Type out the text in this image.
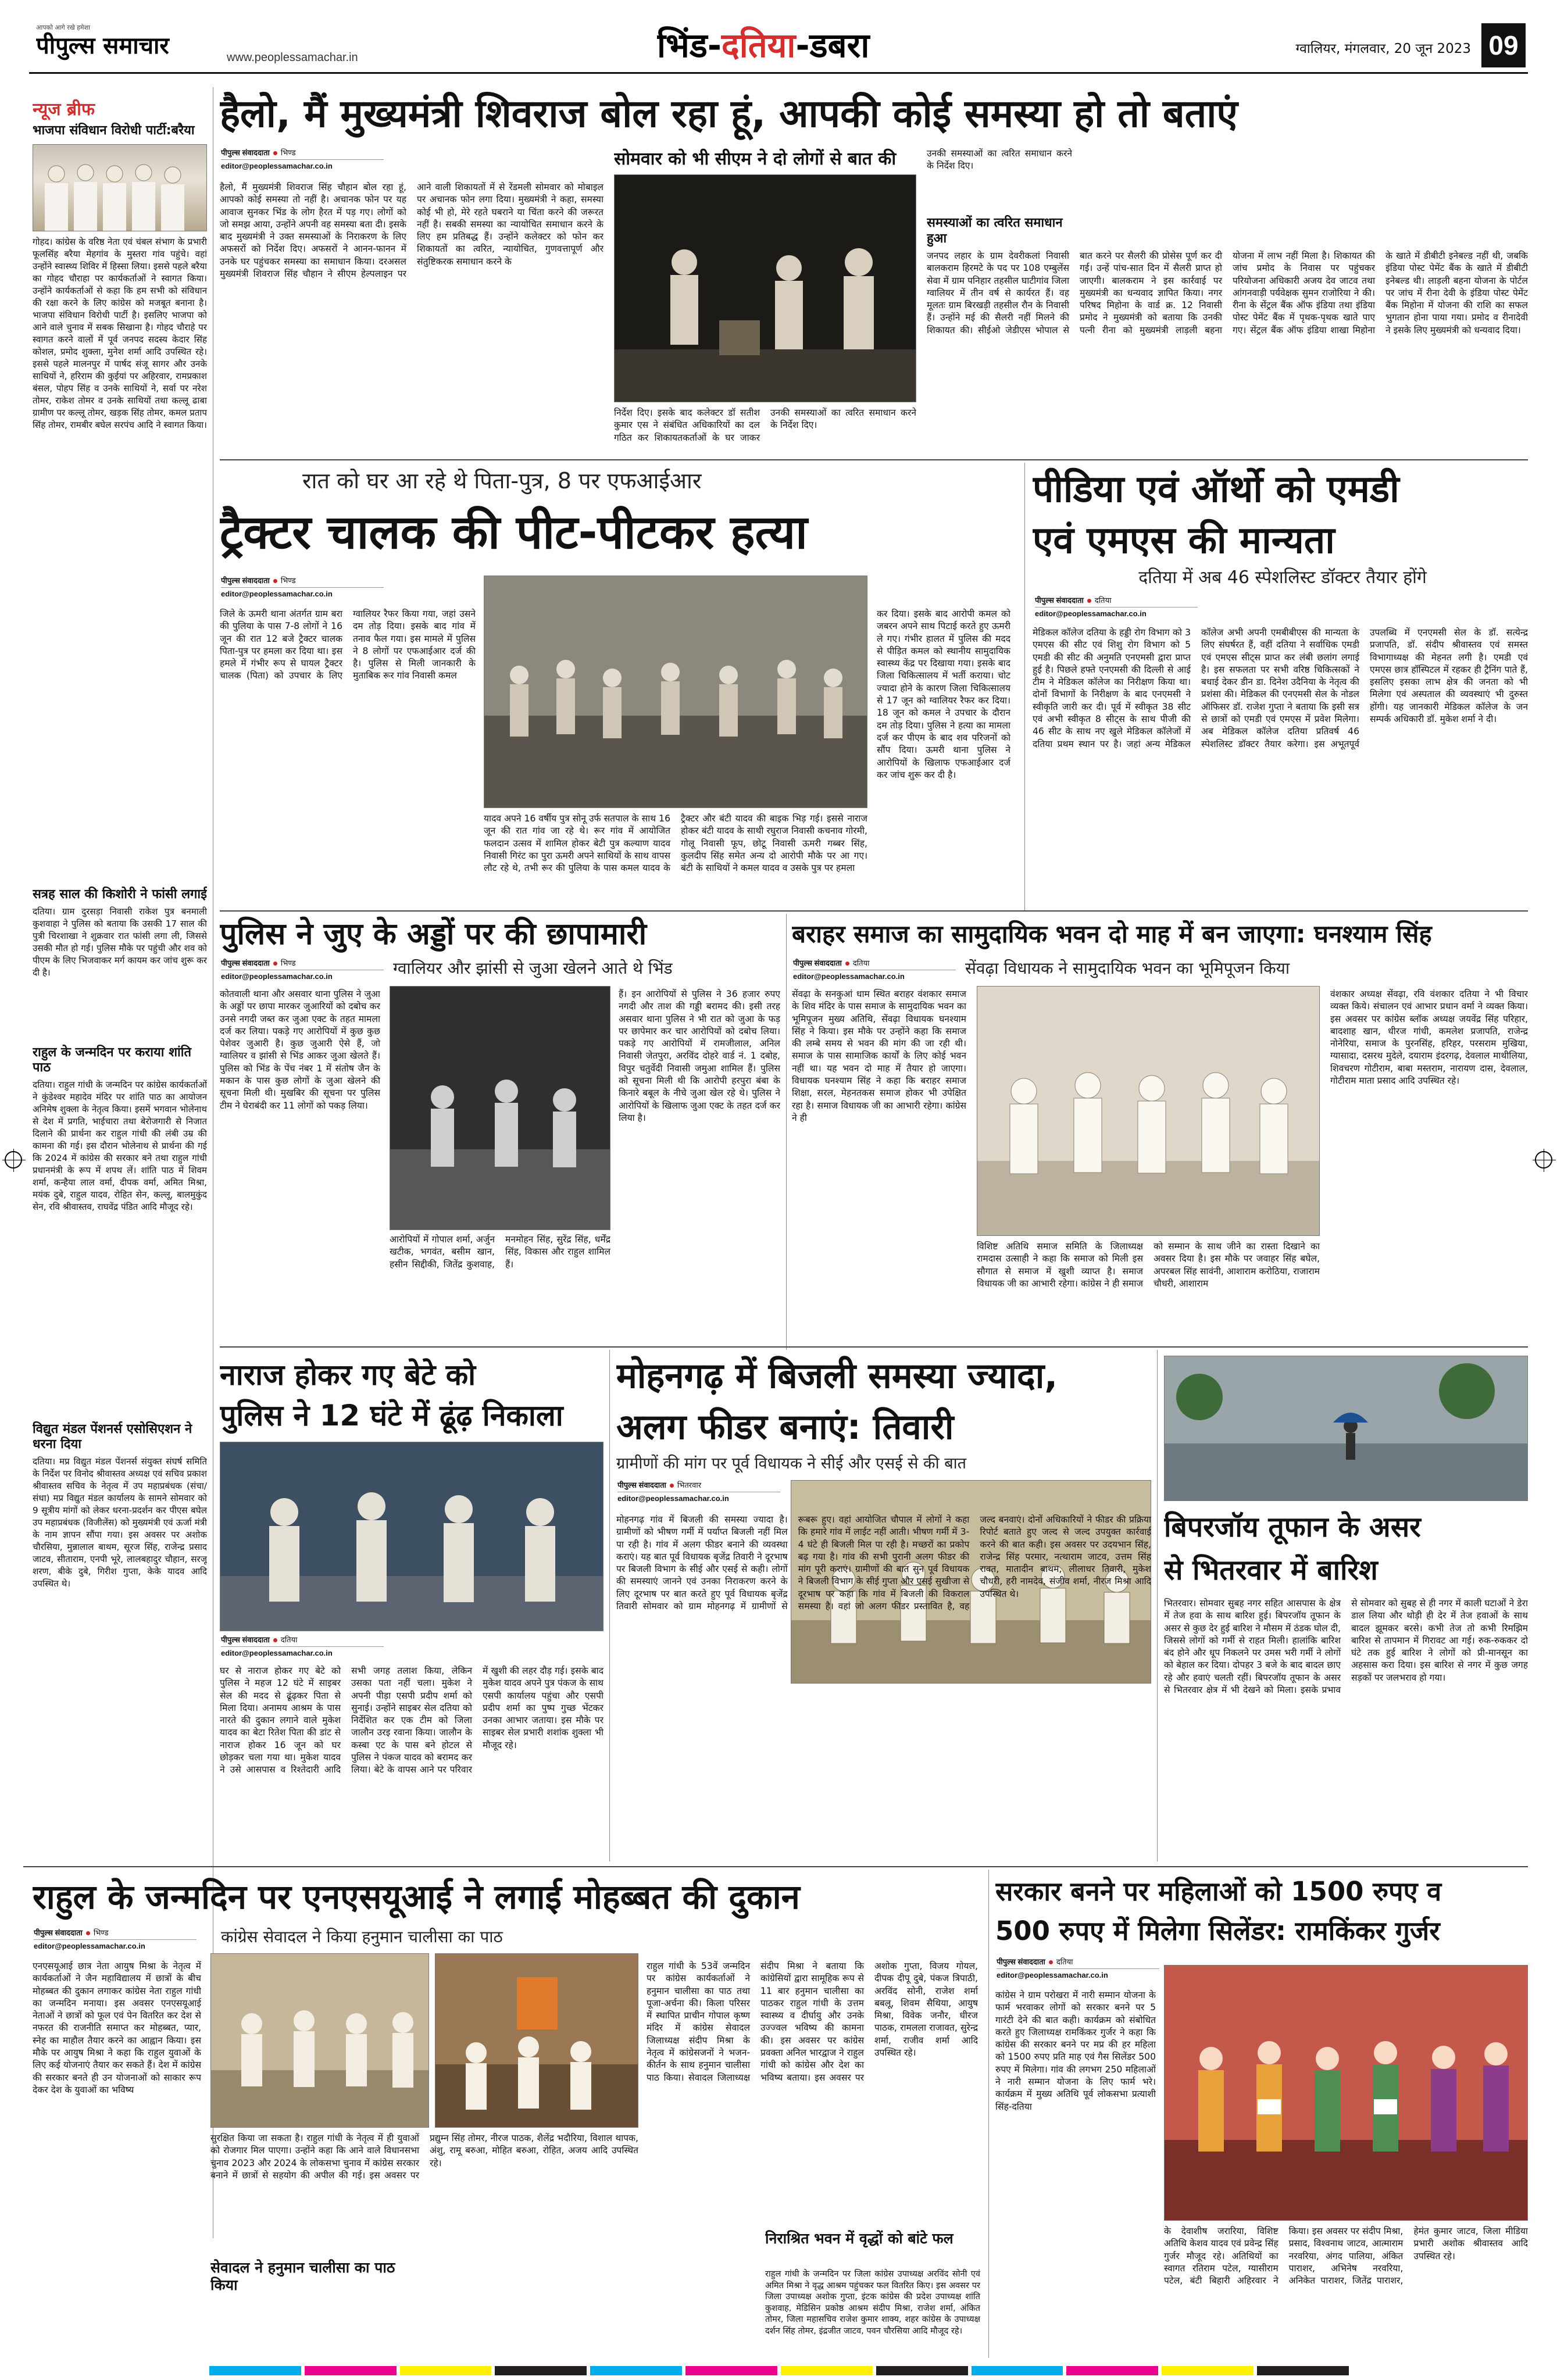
आपको आगे रखे हमेशा
पीपुल्स समाचार	www.peoplessamachar.in	भिंड-दतिया-डबरा	ग्वालियर, मंगलवार, 20 जून 2023 09
न्यूज ब्रीफ
भाजपा संविधान विरोधी पार्टी:बरैया
गोहद। कांग्रेस के वरिष्ठ नेता एवं चंबल संभाग के प्रभारी फूलसिंह बरैया मेहगांव के मुस्तरा गांव पहुंचे। वहां उन्होंने स्वास्थ्य शिविर में हिस्सा लिया। इससे पहले बरैया का गोहद चौराहा पर कार्यकर्ताओं ने स्वागत किया। उन्होंने कार्यकर्ताओं से कहा कि हम सभी को संविधान की रक्षा करने के लिए कांग्रेस को मजबूत बनाना है। भाजपा संविधान विरोधी पार्टी है। इसलिए भाजपा को आने वाले चुनाव में सबक सिखाना है। गोहद चौराहे पर स्वागत करने वालों में पूर्व जनपद सदस्य केदार सिंह कोशल, प्रमोद शुक्ला, मुनेश शर्मा आदि उपस्थित रहे। इससे पहले मालनपुर में पार्षद संजू सागर और उनके साथियों ने, हरिराम की कुईयां पर अहिरवार, रामप्रकाश बंसल, पोहप सिंह व उनके साथियों ने, सर्वा पर नरेश तोमर, राकेश तोमर व उनके साथियों तथा कल्लू ढाबा ग्रामीण पर कल्लू तोमर, खड़क सिंह तोमर, कमल प्रताप सिंह तोमर, रामबीर बघेल सरपंच आदि ने स्वागत किया।
सत्रह साल की किशोरी ने फांसी लगाई
दतिया। ग्राम दुरसड़ा निवासी राकेश पुत्र बनमाली कुशवाहा ने पुलिस को बताया कि उसकी 17 साल की पुत्री चिरशाखा ने शुक्रवार रात फांसी लगा ली, जिससे उसकी मौत हो गई। पुलिस मौके पर पहुंची और शव को पीएम के लिए भिजवाकर मर्ग कायम कर जांच शुरू कर दी है।
राहुल के जन्मदिन पर कराया शांति पाठ
दतिया। राहुल गांधी के जन्मदिन पर कांग्रेस कार्यकर्ताओं ने कुंडेश्वर महादेव मंदिर पर शांति पाठ का आयोजन अनिमेष शुक्ला के नेतृत्व किया। इसमें भगवान भोलेनाथ से देश में प्रगति, भाईचारा तथा बेरोजगारी से निजात दिलाने की प्रार्थना कर राहुल गांधी की लंबी उम्र की कामना की गई। इस दौरान भोलेनाथ से प्रार्थना की गई कि 2024 में कांग्रेस की सरकार बने तथा राहुल गांधी प्रधानमंत्री के रूप में शपथ लें। शांति पाठ में शिवम शर्मा, कन्हैया लाल वर्मा, दीपक वर्मा, अमित मिश्रा, मयंक दुबे, राहुल यादव, रोहित सेन, कल्लू, बालमुकुंद सेन, रवि श्रीवास्तव, राघवेंद्र पंडित आदि मौजूद रहे।
विद्युत मंडल पेंशनर्स एसोसिएशन ने धरना दिया
दतिया। मप्र विद्युत मंडल पेंशनर्स संयुक्त संघर्ष समिति के निर्देश पर विनोद श्रीवास्तव अध्यक्ष एवं सचिव प्रकाश श्रीवास्तव सचिव के नेतृत्व में उप महाप्रबंधक (संचा/संधा) मप्र विद्युत मंडल कार्यालय के सामने सोमवार को 9 सूत्रीय मांगों को लेकर धरना-प्रदर्शन कर पीएस बघेल उप महाप्रबंधक (विजीलेंस) को मुख्यमंत्री एवं ऊर्जा मंत्री के नाम ज्ञापन सौंपा गया। इस अवसर पर अशोक चौरसिया, मुन्नालाल बाथम, सूरज सिंह, राजेन्द्र प्रसाद जाटव, सीताराम, एनपी भूरे, लालबहादुर चौहान, सरजू शरण, बीके दुबे, गिरीश गुप्ता, केके यादव आदि उपस्थित थे।
हैलो, मैं मुख्यमंत्री शिवराज बोल रहा हूं, आपकी कोई समस्या हो तो बताएं
पीपुल्स संवाददाता भिण्ड
editor@peoplessamachar.co.in
हैलो, मैं मुख्यमंत्री शिवराज सिंह चौहान बोल रहा हूं, आपको कोई समस्या तो नहीं है। अचानक फोन पर यह आवाज सुनकर भिंड के लोग हैरत में पड़ गए। लोगों को जो समझ आया, उन्होंने अपनी वह समस्या बता दी। इसके बाद मुख्यमंत्री ने उक्त समस्याओं के निराकरण के लिए अफसरों को निर्देश दिए। अफसरों ने आनन-फानन में उनके घर पहुंचकर समस्या का समाधान किया। दरअसल मुख्यमंत्री शिवराज सिंह चौहान ने सीएम हेल्पलाइन पर आने वाली शिकायतों में से रेंडमली सोमवार को मोबाइल पर अचानक फोन लगा दिया। मुख्यमंत्री ने कहा, समस्या कोई भी हो, मेरे रहते घबराने या चिंता करने की जरूरत नहीं है। सबकी समस्या का न्यायोचित समाधान करने के लिए हम प्रतिबद्ध हैं। उन्होंने कलेक्टर को फोन कर शिकायतों का त्वरित, न्यायोचित, गुणवत्तापूर्ण और संतुष्टिकरक समाधान करने के
सोमवार को भी सीएम ने दो लोगों से बात की
निर्देश दिए। इसके बाद कलेक्टर डॉ सतीश कुमार एस ने संबंधित अधिकारियों का दल गठित कर शिकायतकर्ताओं के घर जाकर उनकी समस्याओं का त्वरित समाधान करने के निर्देश दिए।
उनकी समस्याओं का त्वरित समाधान करने के निर्देश दिए।
समस्याओं का त्वरित समाधान हुआ
जनपद लहार के ग्राम देवरीकलां निवासी बालकराम हिरमटे के पद पर 108 एम्बुलेंस सेवा में ग्राम पनिहार तहसील घाटीगांव जिला ग्वालियर में तीन वर्ष से कार्यरत हैं। वह मूलतः ग्राम बिरखड़ी तहसील रौन के निवासी हैं। उन्होंने मई की सैलरी नहीं मिलने की शिकायत की। सीईओ जेडीएस भोपाल से बात करने पर सैलरी की प्रोसेस पूर्ण कर दी गई। उन्हें पांच-सात दिन में सैलरी प्राप्त हो जाएगी। बालकराम ने इस कार्रवाई पर मुख्यमंत्री का धन्यवाद ज्ञापित किया। नगर परिषद मिहोना के वार्ड क्र. 12 निवासी प्रमोद ने मुख्यमंत्री को बताया कि उनकी पत्नी रीना को मुख्यमंत्री लाड़ली बहना योजना में लाभ नहीं मिला है। शिकायत की जांच प्रमोद के निवास पर पहुंचकर परियोजना अधिकारी अजय देव जाटव तथा आंगनवाड़ी पर्यवेक्षक सुमन राजोरिया ने की। रीना के सेंट्रल बैंक ऑफ इंडिया तथा इंडिया पोस्ट पेमेंट बैंक में पृथक-पृथक खाते पाए गए। सेंट्रल बैंक ऑफ इंडिया शाखा मिहोना के खाते में डीबीटी इनेबल्ड नहीं थी, जबकि इंडिया पोस्ट पेमेंट बैंक के खाते में डीबीटी इनेबल्ड थी। लाड़ली बहना योजना के पोर्टल पर जांच में रीना देवी के इंडिया पोस्ट पेमेंट बैंक मिहोना में योजना की राशि का सफल भुगतान होना पाया गया। प्रमोद व रीनादेवी ने इसके लिए मुख्यमंत्री को धन्यवाद दिया।
रात को घर आ रहे थे पिता-पुत्र, 8 पर एफआईआर
ट्रैक्टर चालक की पीट-पीटकर हत्या
पीपुल्स संवाददाता भिण्ड
editor@peoplessamachar.co.in
जिले के ऊमरी थाना अंतर्गत ग्राम बरा की पुलिया के पास 7-8 लोगों ने 16 जून की रात 12 बजे ट्रैक्टर चालक पिता-पुत्र पर हमला कर दिया था। इस हमले में गंभीर रूप से घायल ट्रैक्टर चालक (पिता) को उपचार के लिए ग्वालियर रैफर किया गया, जहां उसने दम तोड़ दिया। इसके बाद गांव में तनाव फैल गया। इस मामले में पुलिस ने 8 लोगों पर एफआईआर दर्ज की है। पुलिस से मिली जानकारी के मुताबिक रूर गांव निवासी कमल
यादव अपने 16 वर्षीय पुत्र सोनू उर्फ सतपाल के साथ 16 जून की रात गांव जा रहे थे। रूर गांव में आयोजित फलदान उत्सव में शामिल होकर बेटी पुत्र कल्याण यादव निवासी गिरंट का पुरा ऊमरी अपने साथियों के साथ वापस लौट रहे थे, तभी रूर की पुलिया के पास कमल यादव के ट्रैक्टर और बंटी यादव की बाइक भिड़ गई। इससे नाराज होकर बंटी यादव के साथी रघुराज निवासी कचनाव गोरमी, गोलू निवासी फूप, छोटू निवासी ऊमरी गब्बर सिंह, कुलदीप सिंह समेत अन्य दो आरोपी मौके पर आ गए। बंटी के साथियों ने कमल यादव व उसके पुत्र पर हमला
कर दिया। इसके बाद आरोपी कमल को जबरन अपने साथ पिटाई करते हुए ऊमरी ले गए। गंभीर हालत में पुलिस की मदद से पीड़ित कमल को स्थानीय सामुदायिक स्वास्थ्य केंद्र पर दिखाया गया। इसके बाद जिला चिकित्सालय में भर्ती कराया। चोट ज्यादा होने के कारण जिला चिकित्सालय से 17 जून को ग्वालियर रैफर कर दिया। 18 जून को कमल ने उपचार के दौरान दम तोड़ दिया। पुलिस ने हत्या का मामला दर्ज कर पीएम के बाद शव परिजनों को सौंप दिया। ऊमरी थाना पुलिस ने आरोपियों के खिलाफ एफआईआर दर्ज कर जांच शुरू कर दी है।
पीडिया एवं ऑर्थो को एमडी
एवं एमएस की मान्यता
दतिया में अब 46 स्पेशलिस्ट डॉक्टर तैयार होंगे
पीपुल्स संवाददाता दतिया
editor@peoplessamachar.co.in
मेडिकल कॉलेज दतिया के हड्डी रोग विभाग को 3 एमएस की सीट एवं शिशु रोग विभाग को 5 एमडी की सीट की अनुमति एनएमसी द्वारा प्राप्त हुई है। पिछले हफ्ते एनएमसी की दिल्ली से आई टीम ने मेडिकल कॉलेज का निरीक्षण किया था। दोनों विभागों के निरीक्षण के बाद एनएमसी ने स्वीकृति जारी कर दी। पूर्व में स्वीकृत 38 सीट एवं अभी स्वीकृत 8 सीट्स के साथ पीजी की 46 सीट के साथ नए खुले मेडिकल कॉलेजों में दतिया प्रथम स्थान पर है। जहां अन्य मेडिकल कॉलेज अभी अपनी एमबीबीएस की मान्यता के लिए संघर्षरत हैं, वहीं दतिया ने सर्वाधिक एमडी एवं एमएस सीट्स प्राप्त कर लंबी छलांग लगाई है। इस सफलता पर सभी वरिष्ठ चिकित्सकों ने बधाई देकर डीन डा. दिनेश उदैनिया के नेतृत्व की प्रशंसा की। मेडिकल की एनएमसी सेल के नोडल ऑफिसर डॉ. राजेश गुप्ता ने बताया कि इसी सत्र से छात्रों को एमडी एवं एमएस में प्रवेश मिलेगा। अब मेडिकल कॉलेज दतिया प्रतिवर्ष 46 स्पेशलिस्ट डॉक्टर तैयार करेगा। इस अभूतपूर्व उपलब्धि में एनएमसी सेल के डॉ. सत्येन्द्र प्रजापति, डॉ. संदीप श्रीवास्तव एवं समस्त विभागाध्यक्ष की मेहनत लगी है। एमडी एवं एमएस छात्र हॉस्पिटल में रहकर ही ट्रैनिंग पाते हैं, इसलिए इसका लाभ क्षेत्र की जनता को भी मिलेगा एवं अस्पताल की व्यवस्थाएं भी दुरुस्त होंगी। यह जानकारी मेडिकल कॉलेज के जन सम्पर्क अधिकारी डॉ. मुकेश शर्मा ने दी।
पुलिस ने जुए के अड्डों पर की छापामारी
पीपुल्स संवाददाता भिण्ड
editor@peoplessamachar.co.in	ग्वालियर और झांसी से जुआ खेलने आते थे भिंड
कोतवाली थाना और असवार थाना पुलिस ने जुआ के अड्डों पर छापा मारकर जुआरियों को दबोच कर उनसे नगदी जब्त कर जुआ एक्ट के तहत मामला दर्ज कर लिया। पकड़े गए आरोपियों में कुछ कुछ पेशेवर जुआरी है। कुछ जुआरी ऐसे हैं, जो ग्वालियर व झांसी से भिंड आकर जुआ खेलते हैं। पुलिस को भिंड के पेंच नंबर 1 में संतोष जैन के मकान के पास कुछ लोगों के जुआ खेलने की सूचना मिली थी। मुखबिर की सूचना पर पुलिस टीम ने घेराबंदी कर 11 लोगों को पकड़ लिया।
आरोपियों में गोपाल शर्मा, अर्जुन खटीक, भगवंत, बसीम खान, हसीन सिद्दीकी, जितेंद्र कुशवाह, मनमोहन सिंह, सुरेंद्र सिंह, धर्मेंद्र सिंह, विकास और राहुल शामिल हैं।
हैं। इन आरोपियों से पुलिस ने 36 हजार रुपए नगदी और ताश की गड्डी बरामद की। इसी तरह असवार थाना पुलिस ने भी रात को जुआ के फड़ पर छापेमार कर चार आरोपियों को दबोच लिया। पकड़े गए आरोपियों में रामजीलाल, अनिल निवासी जेतपुरा, अरविंद दोहरे वार्ड नं. 1 दबोह, विपुर चतुर्वेदी निवासी जमुआ शामिल हैं। पुलिस को सूचना मिली थी कि आरोपी हरपुरा बंबा के किनारे बबूल के नीचे जुआ खेल रहे थे। पुलिस ने आरोपियों के खिलाफ जुआ एक्ट के तहत दर्ज कर लिया है।
बराहर समाज का सामुदायिक भवन दो माह में बन जाएगा: घनश्याम सिंह
पीपुल्स संवाददाता दतिया
editor@peoplessamachar.co.in	सेंवढ़ा विधायक ने सामुदायिक भवन का भूमिपूजन किया
सेंवढ़ा के सनकुआं धाम स्थित बराहर वंशकार समाज के शिव मंदिर के पास समाज के सामुदायिक भवन का भूमिपूजन मुख्य अतिथि, सेंवढ़ा विधायक घनश्याम सिंह ने किया। इस मौके पर उन्होंने कहा कि समाज की लम्बे समय से भवन की मांग की जा रही थी। समाज के पास सामाजिक कार्यों के लिए कोई भवन नहीं था। यह भवन दो माह में तैयार हो जाएगा। विधायक घनश्याम सिंह ने कहा कि बराहर समाज शिक्षा, सरल, मेहनतकस समाज होकर भी उपेक्षित रहा है। समाज विधायक जी का आभारी रहेगा। कांग्रेस ने ही
विशिष्ट अतिथि समाज समिति के जिलाध्यक्ष रामदास उत्साही ने कहा कि समाज को मिली इस सौगात से समाज में खुशी व्याप्त है। समाज विधायक जी का आभारी रहेगा। कांग्रेस ने ही समाज को सम्मान के साथ जीने का रास्ता दिखाने का अवसर दिया है। इस मौके पर जवाहर सिंह बघेल, अपरबल सिंह सावंनी, आशाराम करोठिया, राजाराम चौधरी, आशाराम
वंशकार अध्यक्ष सेंवढ़ा, रवि वंशकार दतिया ने भी विचार व्यक्त किये। संचालन एवं आभार प्रधान वर्मा ने व्यक्त किया। इस अवसर पर कांग्रेस ब्लॉक अध्यक्ष जयवेंद्र सिंह परिहार, बादशाह खान, धीरज गांधी, कमलेश प्रजापति, राजेन्द्र नोनेरिया, समाज के पुरनसिंह, हरिहर, परसराम मुखिया, ग्यासादा, दसरथ मुदेले, दयाराम इंदरगढ़, देवलाल माथीलिया, शिवचरण गोटीराम, बाबा मस्तराम, नारायण दास, देवलाल, गोटीराम माता प्रसाद आदि उपस्थित रहे।
नाराज होकर गए बेटे को
पुलिस ने 12 घंटे में ढूंढ़ निकाला
पीपुल्स संवाददाता दतिया
editor@peoplessamachar.co.in
घर से नाराज होकर गए बेटे को पुलिस ने महज 12 घंटे में साइबर सेल की मदद से ढूंढ़कर पिता से मिला दिया। अनामय आश्रम के पास नारते की दुकान लगाने वाले मुकेश यादव का बेटा रितेश पिता की डांट से नाराज होकर 16 जून को घर छोड़कर चला गया था। मुकेश यादव ने उसे आसपास व रिश्तेदारी आदि सभी जगह तलाश किया, लेकिन उसका पता नहीं चला। मुकेश ने अपनी पीड़ा एसपी प्रदीप शर्मा को सुनाई। उन्होंने साइबर सेल दतिया को निर्देशित कर एक टीम को जिला जालौन उरइ रवाना किया। जालौन के कस्बा एट के पास बने होटल से पुलिस ने पंकज यादव को बरामद कर लिया। बेटे के वापस आने पर परिवार में खुशी की लहर दौड़ गई। इसके बाद मुकेश यादव अपने पुत्र पंकज के साथ एसपी कार्यालय पहुंचा और एसपी प्रदीप शर्मा का पुष्प गुच्छ भेंटकर उनका आभार जताया। इस मौके पर साइबर सेल प्रभारी शशांक शुक्ला भी मौजूद रहे।
मोहनगढ़ में बिजली समस्या ज्यादा,
अलग फीडर बनाएं: तिवारी
ग्रामीणों की मांग पर पूर्व विधायक ने सीई और एसई से की बात
पीपुल्स संवाददाता भितरवार
editor@peoplessamachar.co.in
मोहनगढ़ गांव में बिजली की समस्या ज्यादा है। ग्रामीणों को भीषण गर्मी में पर्याप्त बिजली नहीं मिल पा रही है। गांव में अलग फीडर बनाने की व्यवस्था कराएं। यह बात पूर्व विधायक बृजेंद्र तिवारी ने दूरभाष पर बिजली विभाग के सीई और एसई से कही। लोगों की समस्याएं जानने एवं उनका निराकरण करने के लिए दूरभाष पर बात करते हुए पूर्व विधायक बृजेंद्र तिवारी सोमवार को ग्राम मोहनगढ़ में ग्रामीणों से रूबरू हुए। वहां आयोजित चौपाल में लोगों ने कहा कि हमारे गांव में लाईट नहीं आती। भीषण गर्मी में 3-4 घंटे ही बिजली मिल पा रही है। मच्छरों का प्रकोप बढ़ गया है। गांव की सभी पुरानी अलग फीडर की मांग पूरी कराएं। ग्रामीणों की बात सुन पूर्व विधायक ने बिजली विभाग के सीई गुप्ता और एसई सुखीजा से दूरभाष पर कहा कि गांव में बिजली की विकराल समस्या है। वहां जो अलग फीडर प्रस्तावित है, वह जल्द बनवाएं। दोनों अधिकारियों ने फीडर की प्रक्रिया रिपोर्ट बताते हुए जल्द से जल्द उपयुक्त कार्रवाई करने की बात कही। इस अवसर पर उदयभान सिंह, राजेन्द्र सिंह परमार, नत्थाराम जाटव, उत्तम सिंह रावत, मातादीन बाथम, लीलाधर तिवारी, मुकेश चौधरी, हरी नामदेव, संजीव शर्मा, नीरज मिश्रा आदि उपस्थित थे।
बिपरजॉय तूफान के असर
से भितरवार में बारिश
भितरवार। सोमवार सुबह नगर सहित आसपास के क्षेत्र में तेज हवा के साथ बारिश हुई। बिपरजॉय तूफान के असर से कुछ देर हुई बारिश ने मौसम में ठंडक घोल दी, जिससे लोगों को गर्मी से राहत मिली। हालांकि बारिश बंद होने और धूप निकलने पर उमस भरी गर्मी ने लोगों को बेहाल कर दिया। दोपहर 3 बजे के बाद बादल छाए रहे और हवाएं चलती रहीं। बिपरजॉय तूफान के असर से भितरवार क्षेत्र में भी देखने को मिला। इसके प्रभाव से सोमवार को सुबह से ही नगर में काली घटाओं ने डेरा डाल लिया और थोड़ी ही देर में तेज हवाओं के साथ बादल झूमकर बरसे। कभी तेज तो कभी रिमझिम बारिश से तापमान में गिरावट आ गई। रुक-रुककर दो घंटे तक हुई बारिश ने लोगों को प्री-मानसून का अहसास करा दिया। इस बारिश से नगर में कुछ जगह सड़कों पर जलभराव हो गया।
राहुल के जन्मदिन पर एनएसयूआई ने लगाई मोहब्बत की दुकान
पीपुल्स संवाददाता भिण्ड
editor@peoplessamachar.co.in	कांग्रेस सेवादल ने किया हनुमान चालीसा का पाठ
एनएसयूआई छात्र नेता आयुष मिश्रा के नेतृत्व में कार्यकर्ताओं ने जैन महाविद्यालय में छात्रों के बीच मोहब्बत की दुकान लगाकर कांग्रेस नेता राहुल गांधी का जन्मदिन मनाया। इस अवसर एनएसयूआई नेताओं ने छात्रों को फूल एवं पेन वितरित कर देश से नफरत की राजनीति समाप्त कर मोहब्बत, प्यार, स्नेह का माहौल तैयार करने का आह्वान किया। इस मौके पर आयुष मिश्रा ने कहा कि राहुल युवाओं के लिए कई योजनाएं तैयार कर सकते हैं। देश में कांग्रेस की सरकार बनते ही उन योजनाओं को साकार रूप देकर देश के युवाओं का भविष्य
सुरक्षित किया जा सकता है। राहुल गांधी के नेतृत्व में ही युवाओं को रोजगार मिल पाएगा। उन्होंने कहा कि आने वाले विधानसभा चुनाव 2023 और 2024 के लोकसभा चुनाव में कांग्रेस सरकार बनाने में छात्रों से सहयोग की अपील की गई। इस अवसर पर प्रद्युम्न सिंह तोमर, नीरज पाठक, शैलेंद्र भदौरिया, विशाल थापक, अंशु, रामू बरुआ, मोहित बरुआ, रोहित, अजय आदि उपस्थित रहे।
सेवादल ने हनुमान चालीसा का पाठ किया
राहुल गांधी के 53वें जन्मदिन पर कांग्रेस कार्यकर्ताओं ने हनुमान चालीसा का पाठ तथा पूजा-अर्चना की। किला परिसर में स्थापित प्राचीन गोपाल कृष्ण मंदिर में कांग्रेस सेवादल जिलाध्यक्ष संदीप मिश्रा के नेतृत्व में कांग्रेसजनों ने भजन-कीर्तन के साथ हनुमान चालीसा पाठ किया। सेवादल जिलाध्यक्ष संदीप मिश्रा ने बताया कि कांग्रेसियों द्वारा सामूहिक रूप से 11 बार हनुमान चालीसा का पाठकर राहुल गांधी के उत्तम स्वास्थ्य व दीर्घायु और उनके उज्ज्वल भविष्य की कामना की। इस अवसर पर कांग्रेस प्रवक्ता अनिल भारद्वाज ने राहुल गांधी को कांग्रेस और देश का भविष्य बताया। इस अवसर पर अशोक गुप्ता, विजय गोयल, दीपक दीपू दुबे, पंकज त्रिपाठी, अरविंद सोनी, राजेश शर्मा बबलू, शिवम सैथिया, आयुष मिश्रा, विवेक जनौर, धीरज पाठक, रामलला राजावत, सुरेन्द्र शर्मा, राजीव शर्मा आदि उपस्थित रहे।
निराश्रित भवन में वृद्धों को बांटे फल
राहुल गांधी के जन्मदिन पर जिला कांग्रेस उपाध्यक्ष अरविंद सोनी एवं अमित मिश्रा ने वृद्ध आश्रम पहुंचकर फल वितरित किए। इस अवसर पर जिला उपाध्यक्ष अशोक गुप्ता, इंटक कांग्रेस की प्रदेश उपाध्यक्ष शांति कुशवाह, मेडिसिन प्रकोष्ठ आश्रम संदीप मिश्रा, राजेश शर्मा, अंकित तोमर, जिला महासचिव राजेश कुमार शाक्य, शहर कांग्रेस के उपाध्यक्ष दर्शन सिंह तोमर, इंद्रजीत जाटव, पवन चौरसिया आदि मौजूद रहे।
सरकार बनने पर महिलाओं को 1500 रुपए व
500 रुपए में मिलेगा सिलेंडर: रामकिंकर गुर्जर
पीपुल्स संवाददाता दतिया
editor@peoplessamachar.co.in
कांग्रेस ने ग्राम परोखरा में नारी सम्मान योजना के फार्म भरवाकर लोगों को सरकार बनने पर 5 गारंटी देने की बात कही। कार्यक्रम को संबोधित करते हुए जिलाध्यक्ष रामकिंकर गुर्जर ने कहा कि कांग्रेस की सरकार बनने पर मप्र की हर महिला को 1500 रुपए प्रति माह एवं गैस सिलेंडर 500 रुपए में मिलेगा। गांव की लगभग 250 महिलाओं ने नारी सम्मान योजना के लिए फार्म भरे। कार्यक्रम में मुख्य अतिथि पूर्व लोकसभा प्रत्याशी सिंह-दतिया
के देवाशीष जरारिया, विशिष्ट अतिथि केशव यादव एवं प्रवेन्द्र सिंह गुर्जर मौजूद रहे। अतिथियों का स्वागत रतिराम पटेल, ग्यासीराम पटेल, बंटी बिहारी अहिरवार ने किया। इस अवसर पर संदीप मिश्रा, प्रसाद, विश्वनाथ जाटव, आत्माराम नरवरिया, अंगद पालिया, अंकित पाराशर, अभिनेष नरवरिया, अनिकेत पाराशर, जितेंद्र पाराशर, हेमंत कुमार जाटव, जिला मीडिया प्रभारी अशोक श्रीवास्तव आदि उपस्थित रहे।
